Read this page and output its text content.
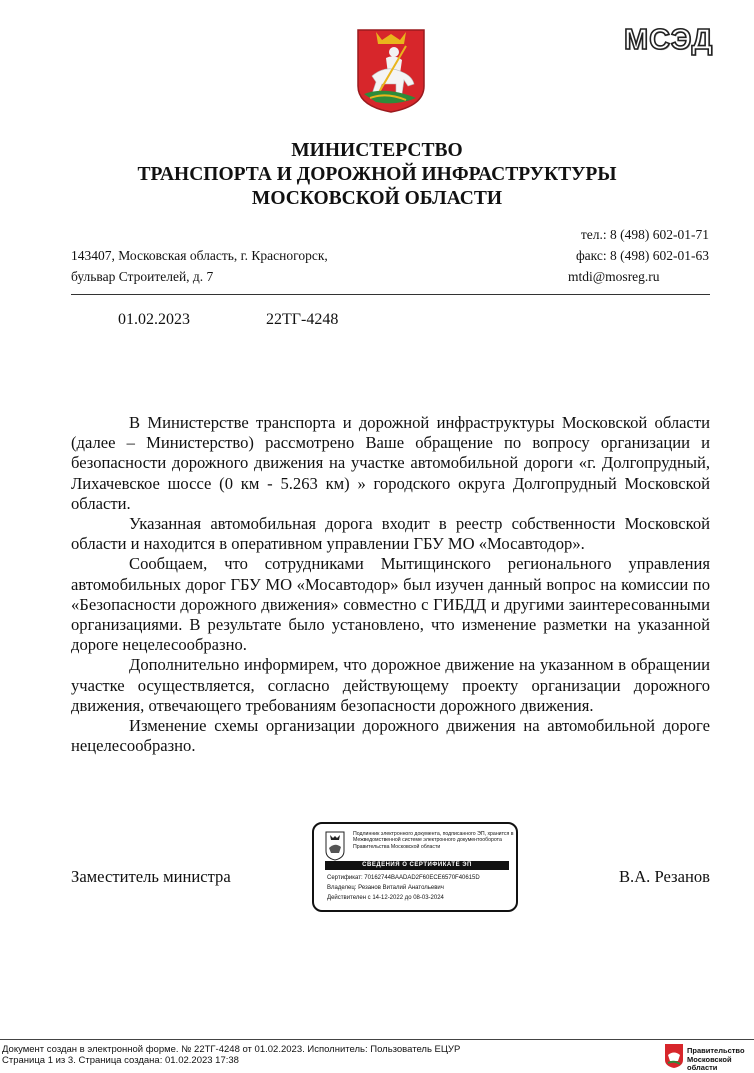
МСЭД
МИНИСТЕРСТВО
ТРАНСПОРТА И ДОРОЖНОЙ ИНФРАСТРУКТУРЫ
МОСКОВСКОЙ ОБЛАСТИ
143407, Московская область, г. Красногорск,
бульвар Строителей, д. 7
тел.: 8 (498) 602-01-71
факс: 8 (498) 602-01-63
mtdi@mosreg.ru
01.02.2023	22ТГ-4248

В Министерстве транспорта и дорожной инфраструктуры Московской области (далее – Министерство) рассмотрено Ваше обращение по вопросу организации и безопасности дорожного движения на участке автомобильной дороги «г. Долгопрудный, Лихачевское шоссе (0 км - 5.263 км) » городского округа Долгопрудный Московской области.

Указанная автомобильная дорога входит в реестр собственности Московской области и находится в оперативном управлении ГБУ МО «Мосавтодор».

Сообщаем, что сотрудниками Мытищинского регионального управления автомобильных дорог ГБУ МО «Мосавтодор» был изучен данный вопрос на комиссии по «Безопасности дорожного движения» совместно с ГИБДД и другими заинтересованными организациями. В результате было установлено, что изменение разметки на указанной дороге нецелесообразно.

Дополнительно информирем, что дорожное движение на указанном в обращении участке осуществляется, согласно действующему проекту организации дорожного движения, отвечающего требованиям безопасности дорожного движения.

Изменение схемы организации дорожного движения на автомобильной дороге нецелесообразно.

Заместитель министра	В.А. Резанов
Подлинник электронного документа, подписанного ЭП, хранится в Межведомственной системе электронного документооборота Правительства Московской области
СВЕДЕНИЯ О СЕРТИФИКАТЕ ЭП
Сертификат: 70162744BAADAD2F60ECE6570F40615D
Владелец: Резанов Виталий Анатольевич
Действителен с 14-12-2022 до 08-03-2024
Документ создан в электронной форме. № 22ТГ-4248 от 01.02.2023. Исполнитель: Пользователь ЕЦУР
Страница 1 из 3. Страница создана: 01.02.2023 17:38
Правительство
Московской области
